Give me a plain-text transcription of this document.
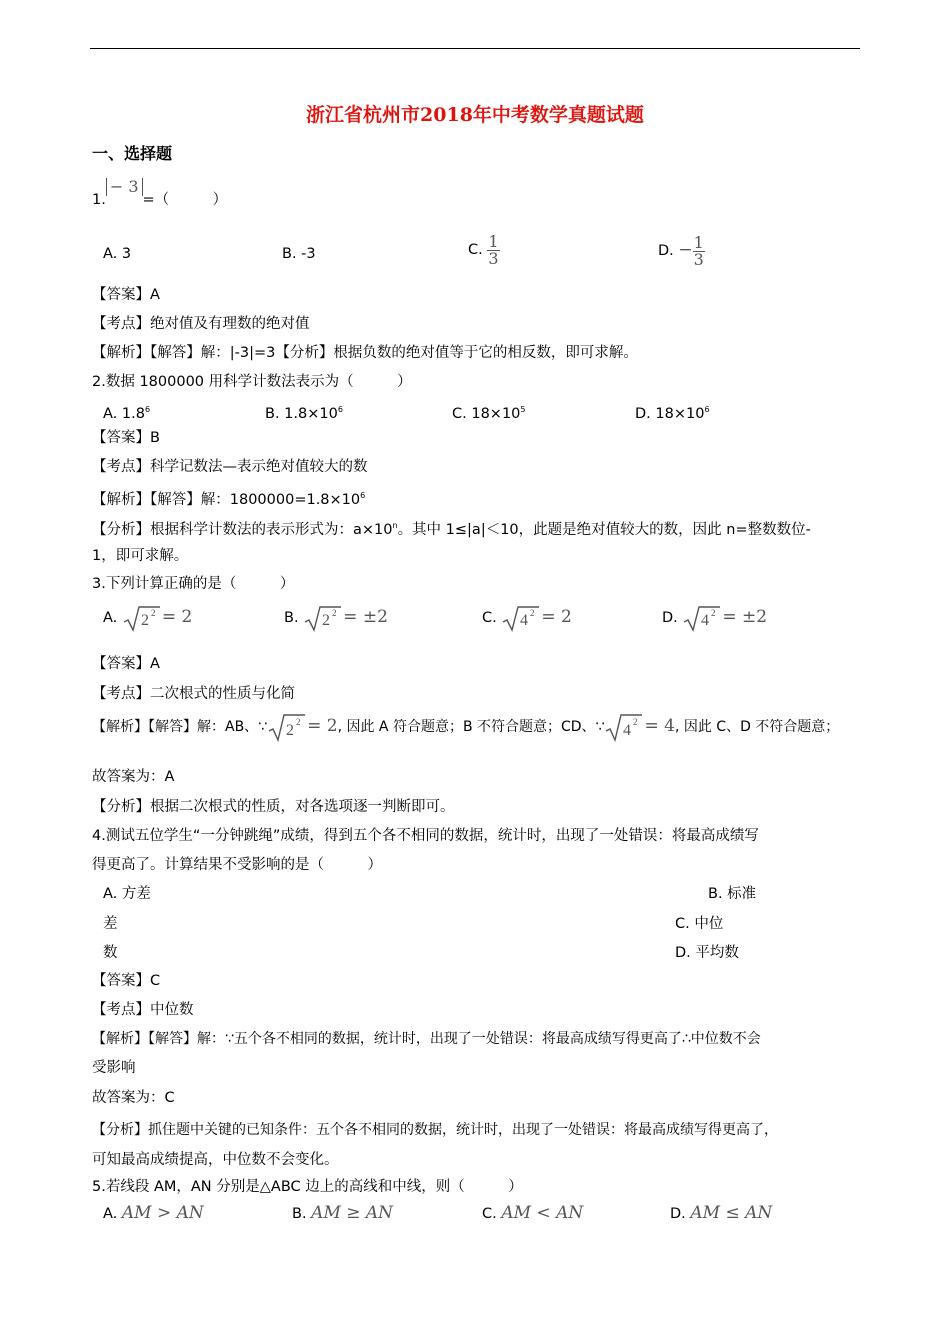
浙江省杭州市2018年中考数学真题试题
一、选择题
1.− 3=（　　　）
A. 3	B. -3	C. $\frac{1}{3}$	D. − $\frac{1}{3}$
【答案】A
【考点】绝对值及有理数的绝对值
【解析】【解答】解：|-3|=3【分析】根据负数的绝对值等于它的相反数，即可求解。
2.数据 1800000 用科学计数法表示为（　　　）
A. $1.8^6$	B. $1.8\times 10^6$	C. $18\times 10^5$	D. $18\times 10^6$
【答案】B
【考点】科学记数法—表示绝对值较大的数
【解析】【解答】解：$1800000=1.8\times 10^6$
【分析】根据科学计数法的表示形式为：$a\times 10^n$。其中 1≤|a|＜10，此题是绝对值较大的数，因此 n=整数数位-
1，即可求解。
3.下列计算正确的是（　　　）
A. 2 2 = 2	B. 2 2 = ±2	C. 4 2 = 2	D. 4 2 = ±2
【答案】A
【考点】二次根式的性质与化简
【解析】【解答】解：AB、∵ 2 2 = 2, 因此 A 符合题意；B 不符合题意；CD、∵ 4 2 = 4, 因此 C、D 不符合题意；
故答案为：A
【分析】根据二次根式的性质，对各选项逐一判断即可。
4.测试五位学生“一分钟跳绳”成绩，得到五个各不相同的数据，统计时，出现了一处错误：将最高成绩写
得更高了。计算结果不受影响的是（　　　）
A. 方差	B. 标准
差	C. 中位
数	D. 平均数
【答案】C
【考点】中位数
【解析】【解答】解：∵五个各不相同的数据，统计时，出现了一处错误：将最高成绩写得更高了∴中位数不会
受影响
故答案为：C
【分析】抓住题中关键的已知条件：五个各不相同的数据，统计时，出现了一处错误：将最高成绩写得更高了，
可知最高成绩提高，中位数不会变化。
5.若线段 AM，AN 分别是△ABC 边上的高线和中线，则（　　　）
A. AM > AN	B. AM ≥ AN	C. AM < AN	D. AM ≤ AN
